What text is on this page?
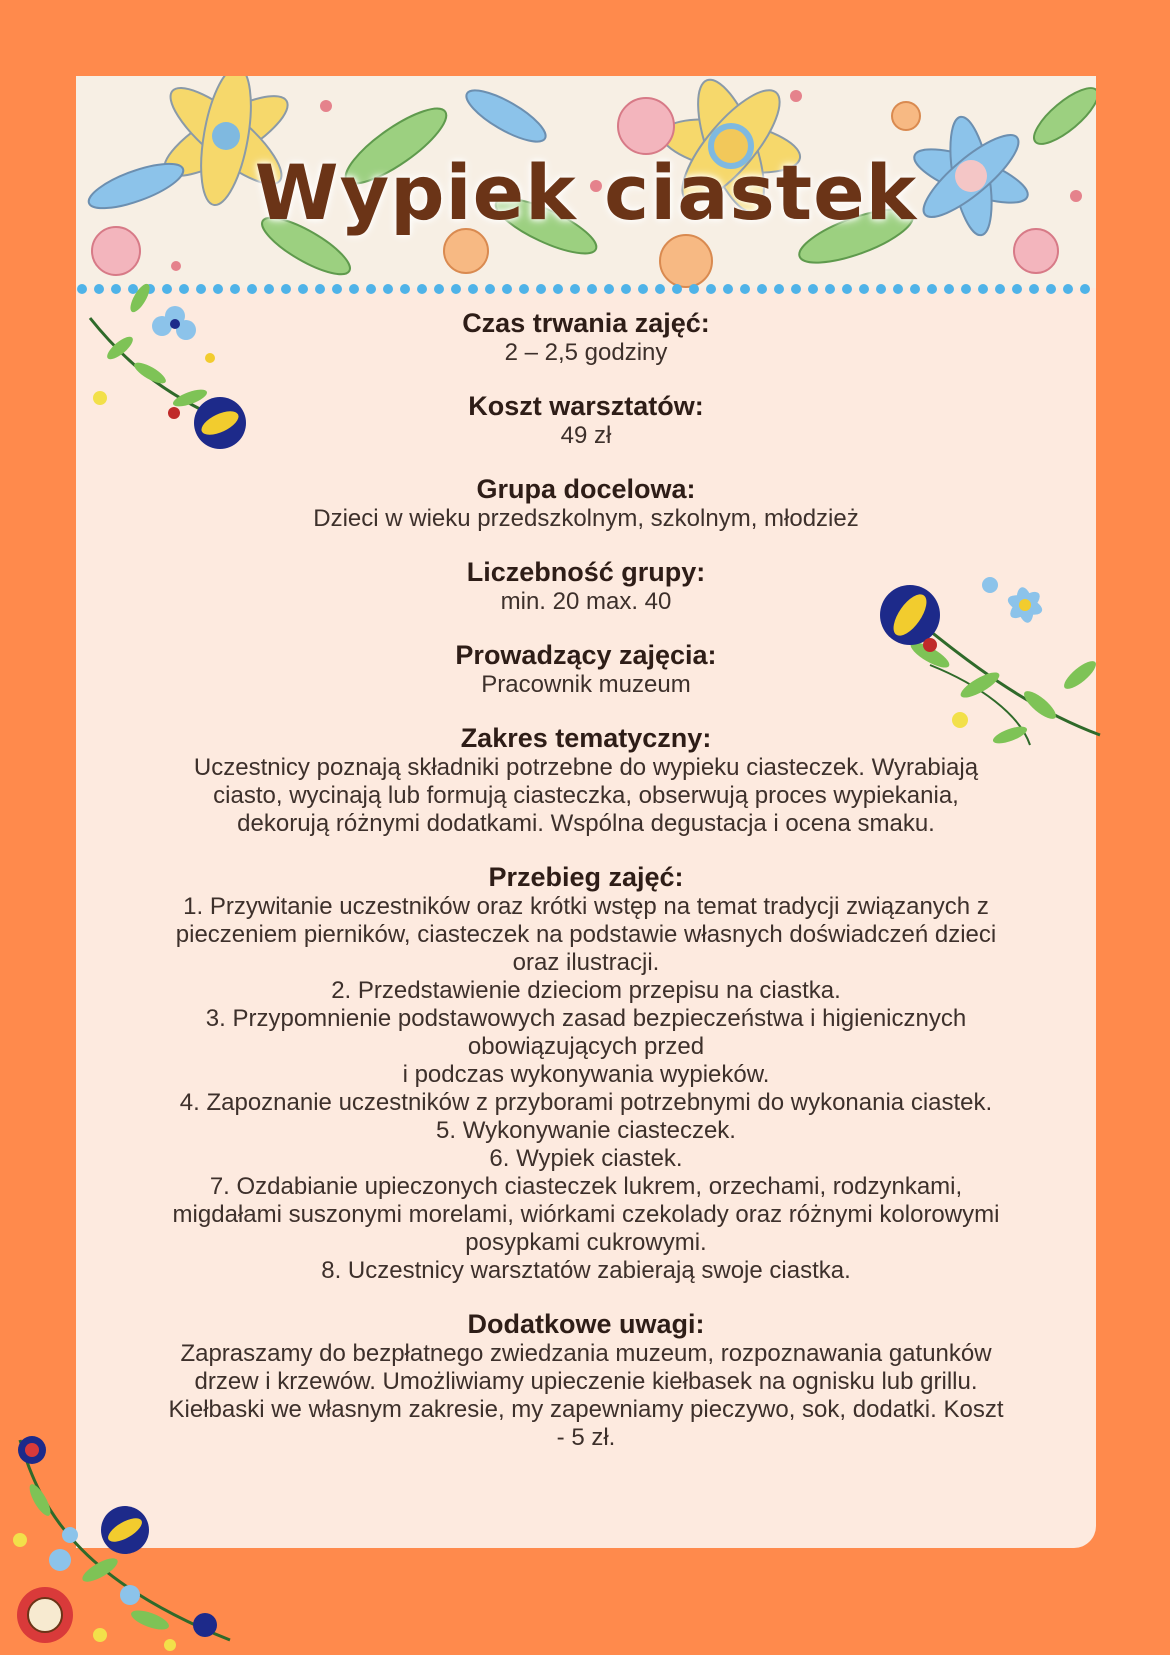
Wypiek ciastek
Czas trwania zajęć:
2 – 2,5 godziny
Koszt warsztatów:
49 zł
Grupa docelowa:
Dzieci w wieku przedszkolnym, szkolnym, młodzież
Liczebność grupy:
min. 20 max. 40
Prowadzący zajęcia:
Pracownik muzeum
Zakres tematyczny:
Uczestnicy poznają składniki potrzebne do wypieku ciasteczek. Wyrabiają ciasto, wycinają lub formują ciasteczka, obserwują proces wypiekania, dekorują różnymi dodatkami. Wspólna degustacja i ocena smaku.
Przebieg zajęć:
1. Przywitanie uczestników oraz krótki wstęp na temat tradycji związanych z pieczeniem pierników, ciasteczek na podstawie własnych doświadczeń dzieci oraz ilustracji.
2. Przedstawienie dzieciom przepisu na ciastka.
3. Przypomnienie podstawowych zasad bezpieczeństwa i higienicznych obowiązujących przed
i podczas wykonywania wypieków.
4. Zapoznanie uczestników z przyborami potrzebnymi do wykonania ciastek.
5. Wykonywanie ciasteczek.
6. Wypiek ciastek.
7. Ozdabianie upieczonych ciasteczek lukrem, orzechami, rodzynkami, migdałami suszonymi morelami, wiórkami czekolady oraz różnymi kolorowymi posypkami cukrowymi.
8. Uczestnicy warsztatów zabierają swoje ciastka.
Dodatkowe uwagi:
Zapraszamy do bezpłatnego zwiedzania muzeum, rozpoznawania gatunków drzew i krzewów. Umożliwiamy upieczenie kiełbasek na ognisku lub grillu. Kiełbaski we własnym zakresie, my zapewniamy pieczywo, sok, dodatki. Koszt - 5 zł.
